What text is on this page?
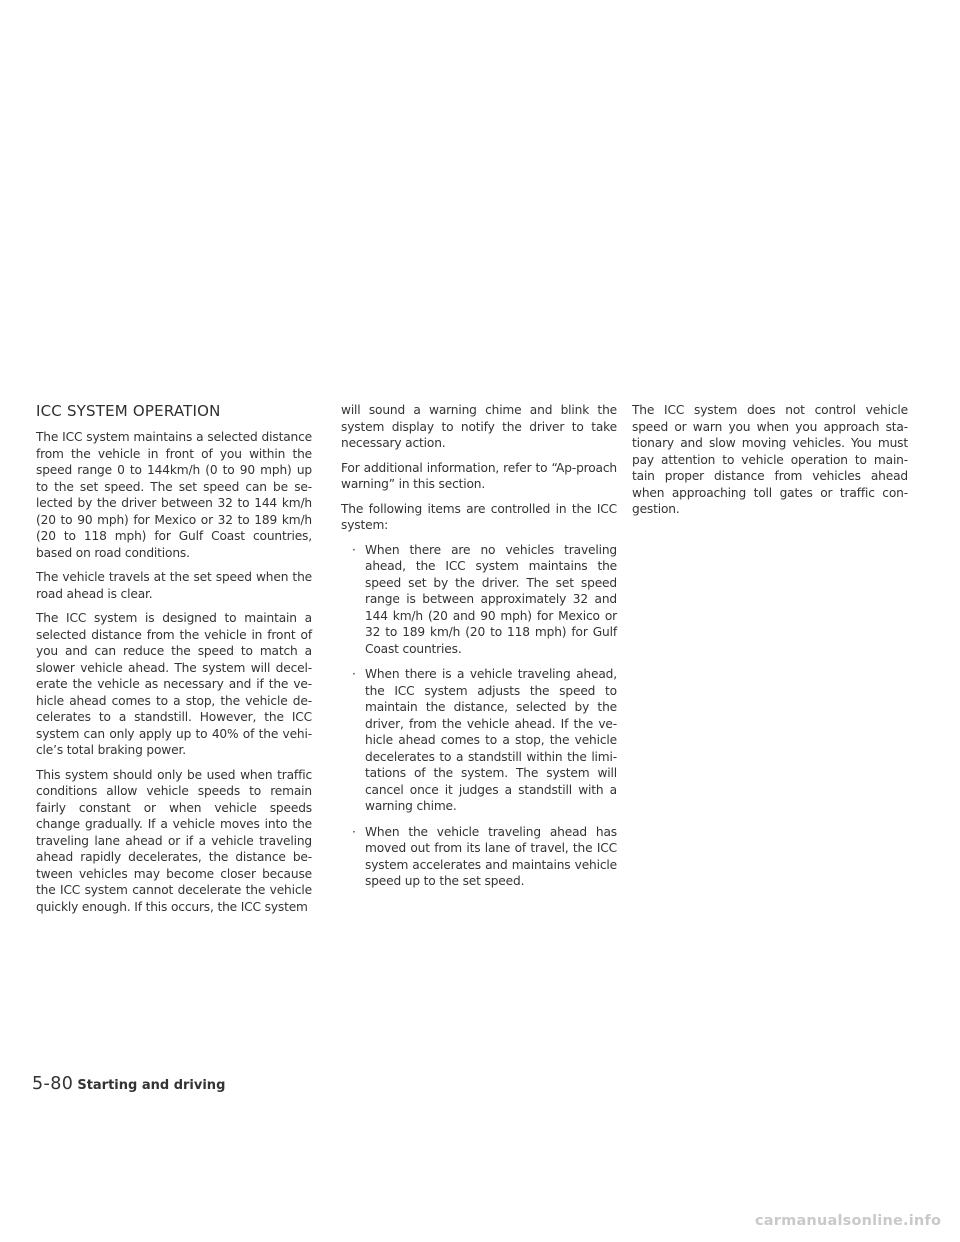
ICC SYSTEM OPERATION

The ICC system maintains a selected distance from the vehicle in front of you within the speed range 0 to 144km/h (0 to 90 mph) up to the set speed. The set speed can be se-lected by the driver between 32 to 144 km/h (20 to 90 mph) for Mexico or 32 to 189 km/h (20 to 118 mph) for Gulf Coast countries, based on road conditions.

The vehicle travels at the set speed when the road ahead is clear.

The ICC system is designed to maintain a selected distance from the vehicle in front of you and can reduce the speed to match a slower vehicle ahead. The system will decel-erate the vehicle as necessary and if the ve-hicle ahead comes to a stop, the vehicle de-celerates to a standstill. However, the ICC system can only apply up to 40% of the vehi-cle’s total braking power.

This system should only be used when traffic conditions allow vehicle speeds to remain fairly constant or when vehicle speeds change gradually. If a vehicle moves into the traveling lane ahead or if a vehicle traveling ahead rapidly decelerates, the distance be-tween vehicles may become closer because the ICC system cannot decelerate the vehicle quickly enough. If this occurs, the ICC system

will sound a warning chime and blink the system display to notify the driver to take necessary action.

For additional information, refer to “Ap-proach warning” in this section.

The following items are controlled in the ICC system:

· When there are no vehicles traveling ahead, the ICC system maintains the speed set by the driver. The set speed range is between approximately 32 and 144 km/h (20 and 90 mph) for Mexico or 32 to 189 km/h (20 to 118 mph) for Gulf Coast countries.
· When there is a vehicle traveling ahead, the ICC system adjusts the speed to maintain the distance, selected by the driver, from the vehicle ahead. If the ve-hicle ahead comes to a stop, the vehicle decelerates to a standstill within the limi-tations of the system. The system will cancel once it judges a standstill with a warning chime.
· When the vehicle traveling ahead has moved out from its lane of travel, the ICC system accelerates and maintains vehicle speed up to the set speed.

The ICC system does not control vehicle speed or warn you when you approach sta-tionary and slow moving vehicles. You must pay attention to vehicle operation to main-tain proper distance from vehicles ahead when approaching toll gates or traffic con-gestion.

5-80 Starting and driving
carmanualsonline.info
